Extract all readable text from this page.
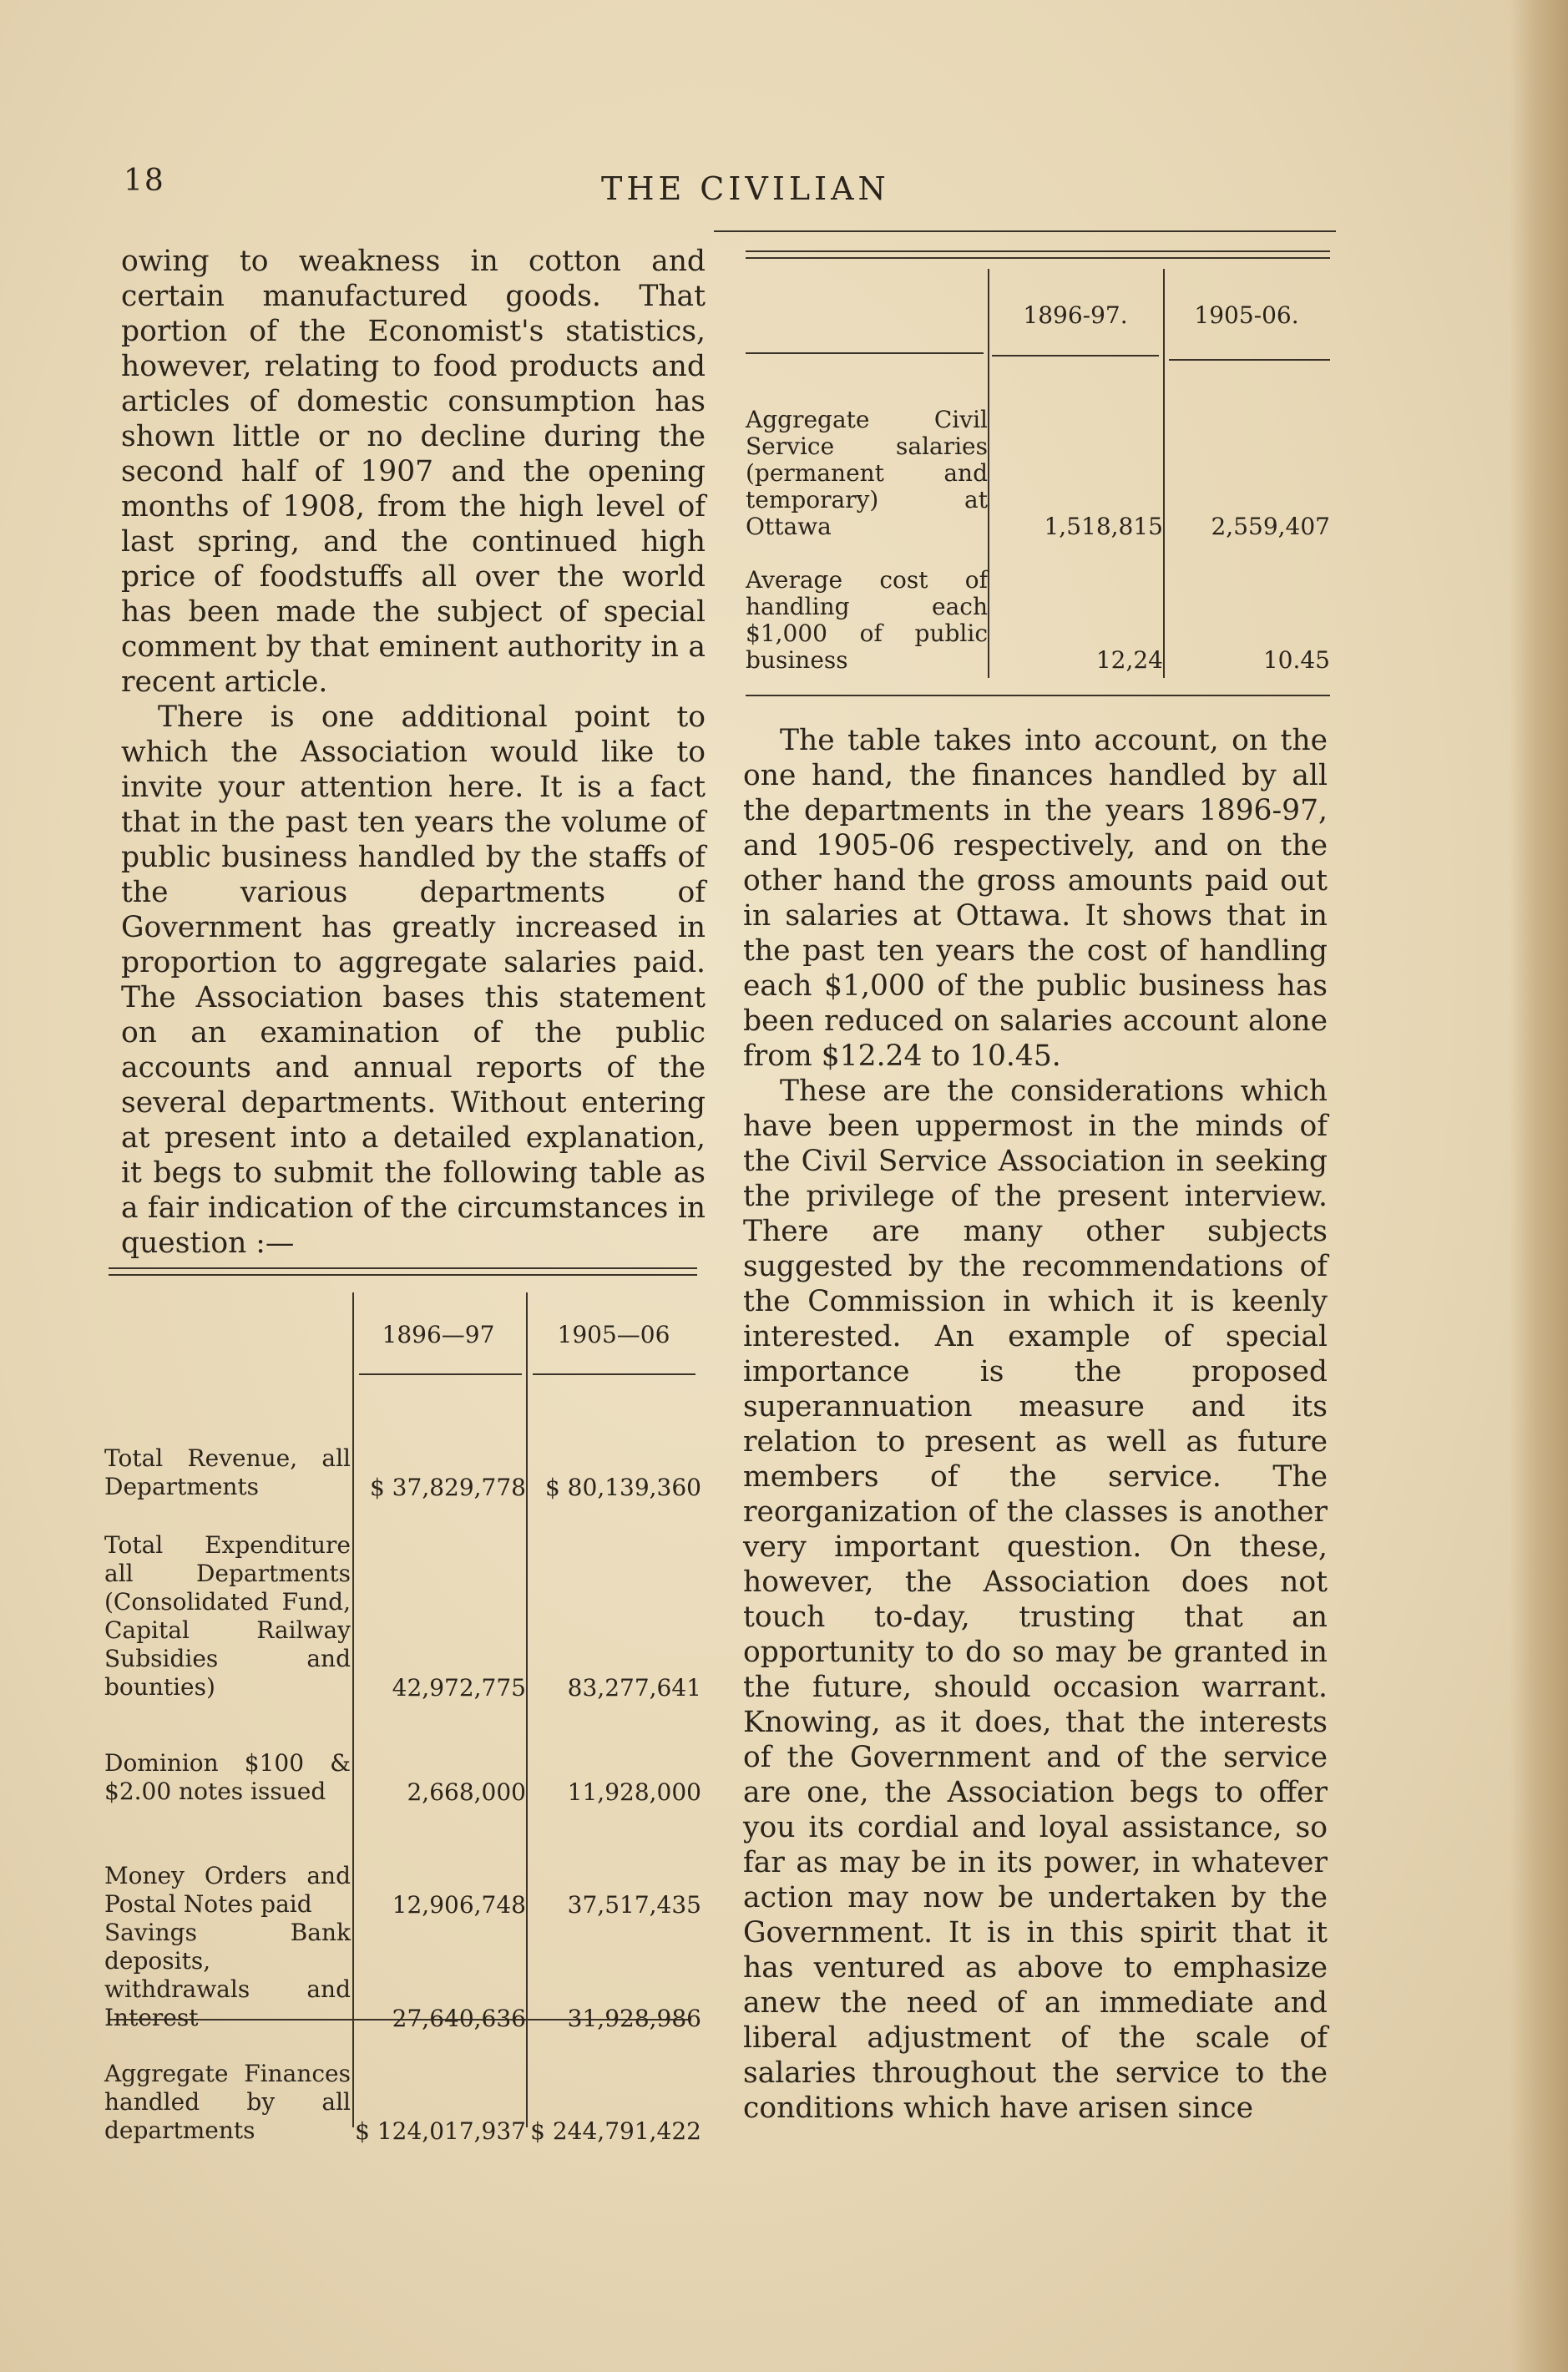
18	THE CIVILIAN

owing to weakness in cotton and certain manufactured goods. That portion of the Economist's statistics, however, relating to food products and articles of domestic consumption has shown little or no decline during the second half of 1907 and the opening months of 1908, from the high level of last spring, and the continued high price of foodstuffs all over the world has been made the subject of special comment by that eminent authority in a recent article.

There is one additional point to which the Association would like to invite your attention here. It is a fact that in the past ten years the volume of public business handled by the staffs of the various departments of Government has greatly increased in proportion to aggregate salaries paid. The Association bases this statement on an examination of the public accounts and annual reports of the several departments. Without entering at present into a detailed explanation, it begs to submit the following table as a fair indication of the circumstances in question :—

	1896—97	1905—06
Total Revenue, all Departments	$ 37,829,778	$ 80,139,360
Total Expenditure all Departments (Consolidated Fund, Capital Railway Subsidies and bounties)	42,972,775	83,277,641
Dominion $100 & $2.00 notes issued	2,668,000	11,928,000
Money Orders and Postal Notes paid	12,906,748	37,517,435
Savings Bank deposits, withdrawals and Interest	27,640,636	31,928,986
Aggregate Finances handled by all departments	$ 124,017,937	$ 244,791,422
	1896-97.	1905-06.
Aggregate Civil Service salaries (permanent and temporary) at Ottawa	1,518,815	2,559,407
Average cost of handling each $1,000 of public business	12,24	10.45

The table takes into account, on the one hand, the finances handled by all the departments in the years 1896-97, and 1905-06 respectively, and on the other hand the gross amounts paid out in salaries at Ottawa. It shows that in the past ten years the cost of handling each $1,000 of the public business has been reduced on salaries account alone from $12.24 to 10.45.

These are the considerations which have been uppermost in the minds of the Civil Service Association in seeking the privilege of the present interview. There are many other subjects suggested by the recommendations of the Commission in which it is keenly interested. An example of special importance is the proposed superannuation measure and its relation to present as well as future members of the service. The reorganization of the classes is another very important question. On these, however, the Association does not touch to-day, trusting that an opportunity to do so may be granted in the future, should occasion warrant. Knowing, as it does, that the interests of the Government and of the service are one, the Association begs to offer you its cordial and loyal assistance, so far as may be in its power, in whatever action may now be undertaken by the Government. It is in this spirit that it has ventured as above to emphasize anew the need of an immediate and liberal adjustment of the scale of salaries throughout the service to the conditions which have arisen since
